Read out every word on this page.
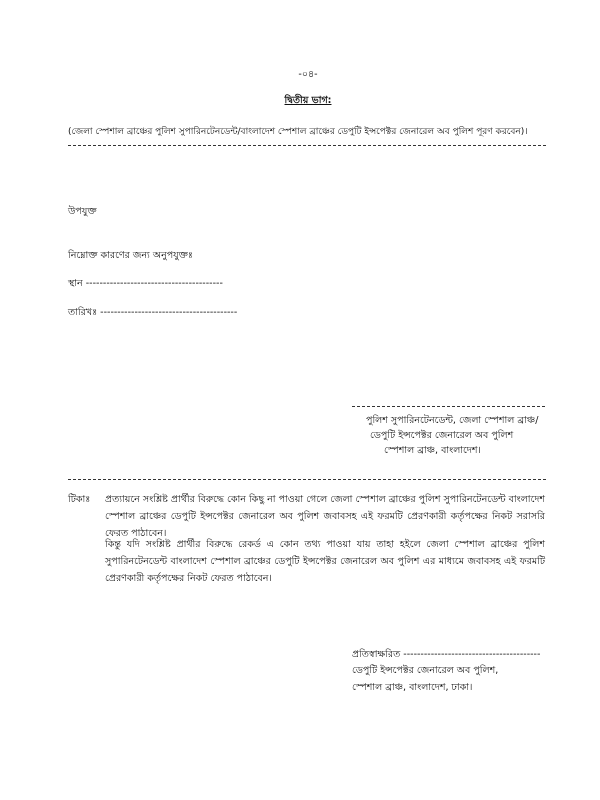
-০৪-
দ্বিতীয় ভাগ:
(জেলা স্পেশাল ব্রাঞ্চের পুলিশ সুপারিনটেনডেন্ট/বাংলাদেশ স্পেশাল ব্রাঞ্চের ডেপুটি ইন্সপেক্টর জেনারেল অব পুলিশ পূরণ করবেন)।
উপযুক্ত
নিম্নোক্ত কারণের জন্য অনুপযুক্তঃ
স্থান ----------------------------------------
তারিখঃ ----------------------------------------
পুলিশ সুপারিনটেনডেন্ট, জেলা স্পেশাল ব্রাঞ্চ/
ডেপুটি ইন্সপেক্টর জেনারেল অব পুলিশ
স্পেশাল ব্রাঞ্চ, বাংলাদেশ।
টিকাঃ প্রত্যায়নে সংশ্লিষ্ট প্রার্থীর বিরুদ্ধে কোন কিছু না পাওয়া গেলে জেলা স্পেশাল ব্রাঞ্চের পুলিশ সুপারিনটেনডেন্ট বাংলাদেশ স্পেশাল ব্রাঞ্চের ডেপুটি ইন্সপেক্টর জেনারেল অব পুলিশ জবাবসহ এই ফরমটি প্রেরণকারী কর্তৃপক্ষের নিকট সরাসরি ফেরত পাঠাবেন।
কিন্তু যদি সংশ্লিষ্ট প্রার্থীর বিরুদ্ধে রেকর্ড এ কোন তথ্য পাওয়া যায় তাহা হইলে জেলা স্পেশাল ব্রাঞ্চের পুলিশ সুপারিনটেনডেন্ট বাংলাদেশ স্পেশাল ব্রাঞ্চের ডেপুটি ইন্সপেক্টর জেনারেল অব পুলিশ এর মাধ্যমে জবাবসহ এই ফরমটি প্রেরণকারী কর্তৃপক্ষের নিকট ফেরত পাঠাবেন।
প্রতিস্বাক্ষরিত ----------------------------------------
ডেপুটি ইন্সপেক্টর জেনারেল অব পুলিশ,
স্পেশাল ব্রাঞ্চ, বাংলাদেশ, ঢাকা।
